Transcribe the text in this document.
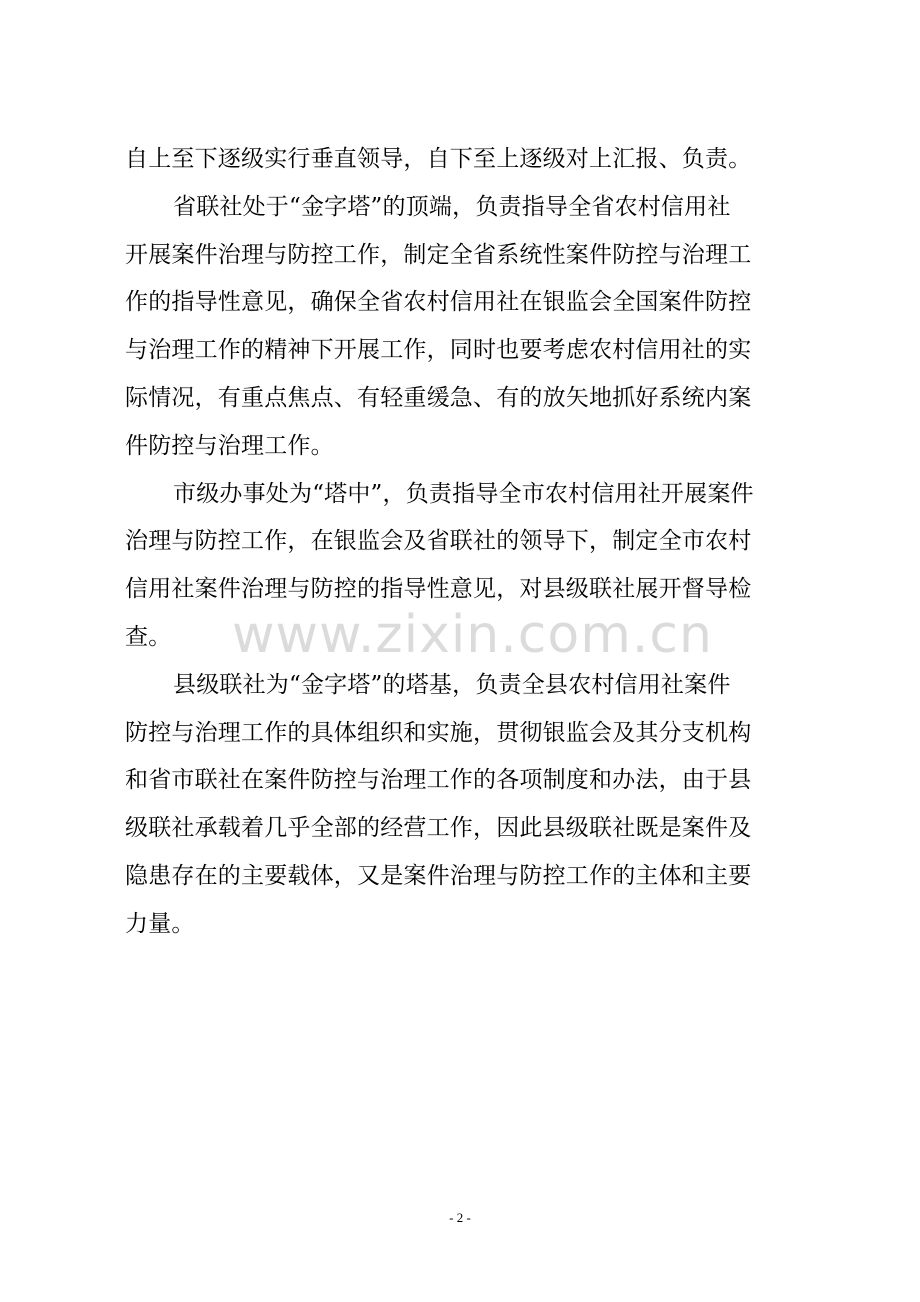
自上至下逐级实行垂直领导，自下至上逐级对上汇报、负责。
省联社处于“金字塔”的顶端，负责指导全省农村信用社
开展案件治理与防控工作，制定全省系统性案件防控与治理工
作的指导性意见，确保全省农村信用社在银监会全国案件防控
与治理工作的精神下开展工作，同时也要考虑农村信用社的实
际情况，有重点焦点、有轻重缓急、有的放矢地抓好系统内案
件防控与治理工作。
市级办事处为“塔中”，负责指导全市农村信用社开展案件
治理与防控工作，在银监会及省联社的领导下，制定全市农村
信用社案件治理与防控的指导性意见，对县级联社展开督导检
查。
县级联社为“金字塔”的塔基，负责全县农村信用社案件
防控与治理工作的具体组织和实施，贯彻银监会及其分支机构
和省市联社在案件防控与治理工作的各项制度和办法，由于县
级联社承载着几乎全部的经营工作，因此县级联社既是案件及
隐患存在的主要载体，又是案件治理与防控工作的主体和主要
力量。
www.zixin.com.cn
- 2 -
